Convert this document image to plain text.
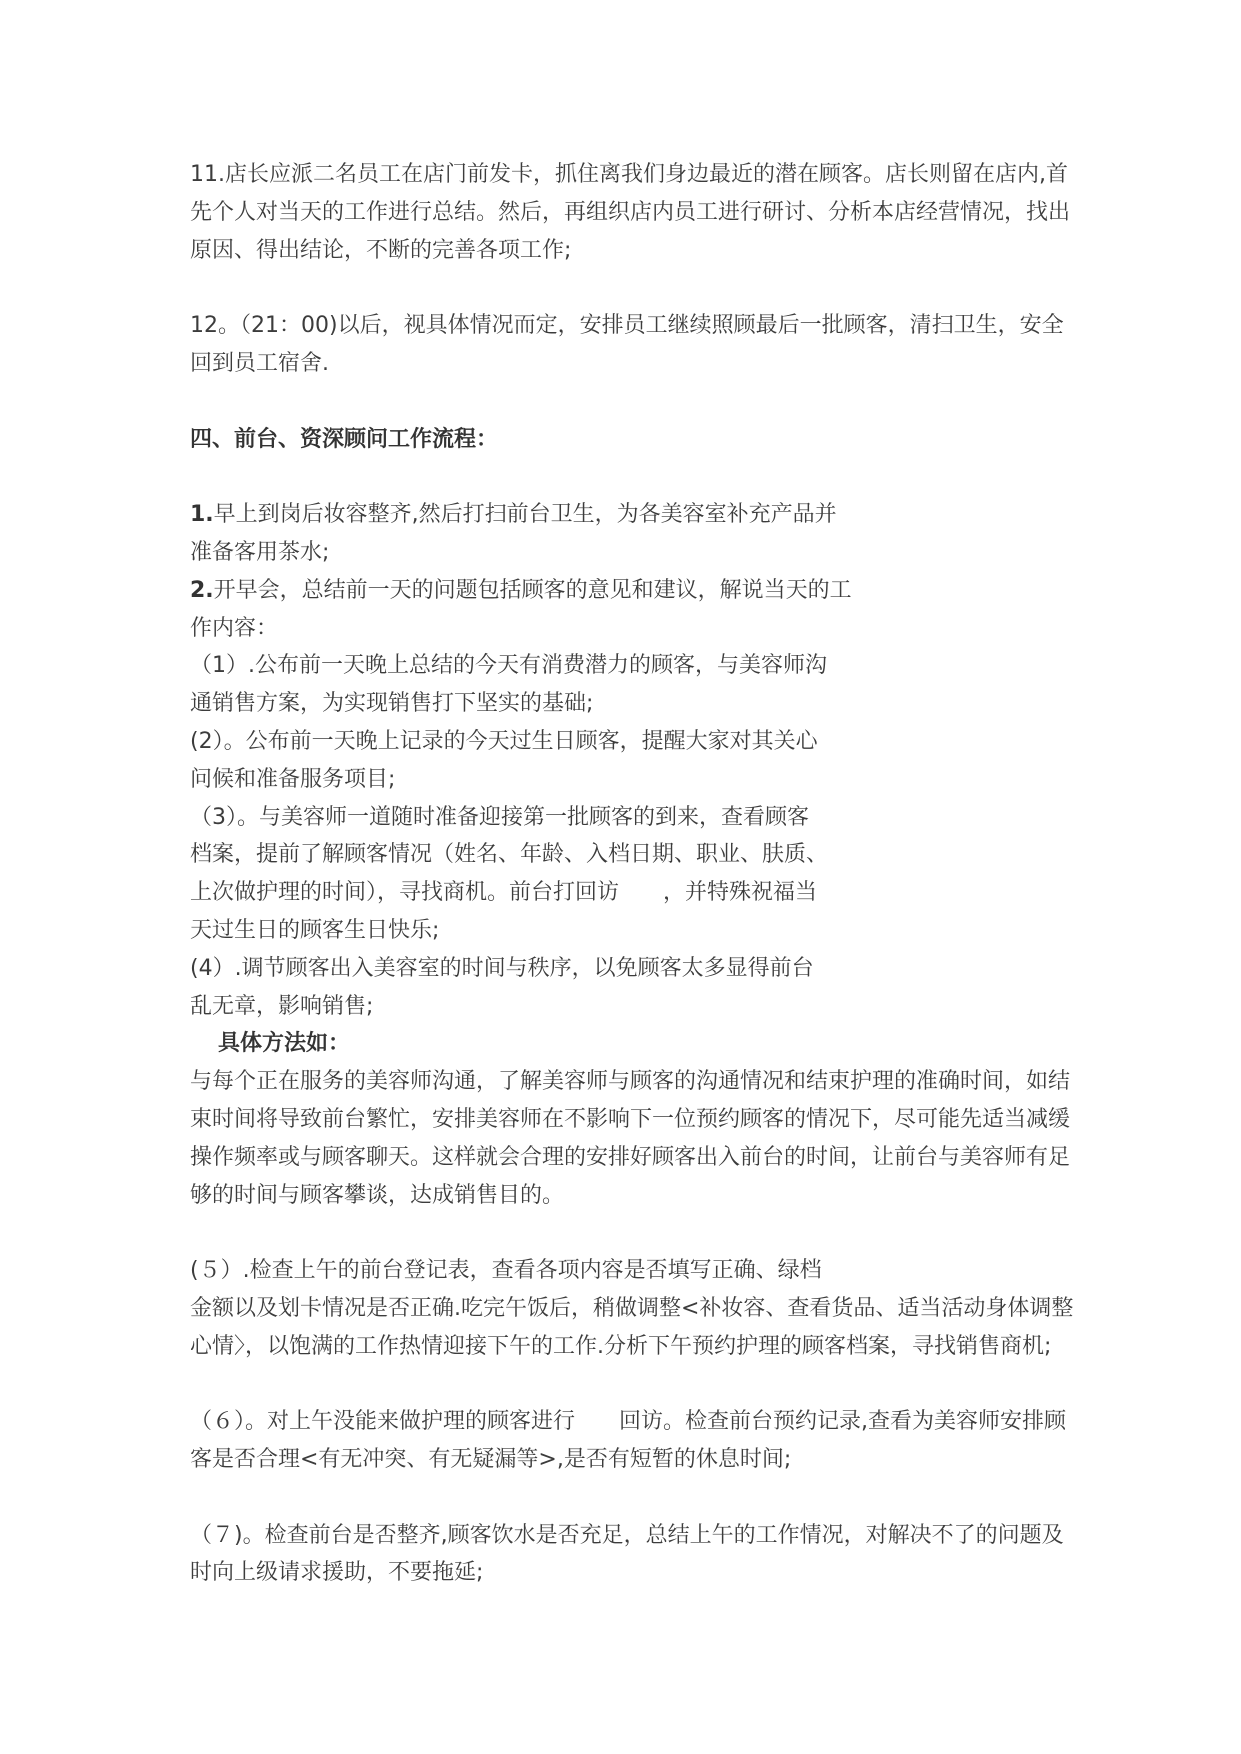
11.店长应派二名员工在店门前发卡，抓住离我们身边最近的潜在顾客。店长则留在店内,首
先个人对当天的工作进行总结。然后，再组织店内员工进行研讨、分析本店经营情况，找出
原因、得出结论，不断的完善各项工作;
12。（21：00)以后，视具体情况而定，安排员工继续照顾最后一批顾客，清扫卫生，安全
回到员工宿舍.
四、前台、资深顾问工作流程：
1.早上到岗后妆容整齐,然后打扫前台卫生，为各美容室补充产品并
准备客用茶水;
2.开早会，总结前一天的问题包括顾客的意见和建议，解说当天的工
作内容：
（1）.公布前一天晚上总结的今天有消费潜力的顾客，与美容师沟
通销售方案，为实现销售打下坚实的基础;
(2）。公布前一天晚上记录的今天过生日顾客，提醒大家对其关心
问候和准备服务项目;
（3）。与美容师一道随时准备迎接第一批顾客的到来，查看顾客
档案，提前了解顾客情况（姓名、年龄、入档日期、职业、肤质、
上次做护理的时间），寻找商机。前台打回访　　，并特殊祝福当
天过生日的顾客生日快乐;
(4）.调节顾客出入美容室的时间与秩序，以免顾客太多显得前台
乱无章，影响销售;
具体方法如：
与每个正在服务的美容师沟通，了解美容师与顾客的沟通情况和结束护理的准确时间，如结
束时间将导致前台繁忙，安排美容师在不影响下一位预约顾客的情况下，尽可能先适当减缓
操作频率或与顾客聊天。这样就会合理的安排好顾客出入前台的时间，让前台与美容师有足
够的时间与顾客攀谈，达成销售目的。
(５）.检查上午的前台登记表，查看各项内容是否填写正确、绿档
金额以及划卡情况是否正确.吃完午饭后，稍做调整<补妆容、查看货品、适当活动身体调整
心情〉，以饱满的工作热情迎接下午的工作.分析下午预约护理的顾客档案，寻找销售商机;
（６）。对上午没能来做护理的顾客进行　　回访。检查前台预约记录,查看为美容师安排顾
客是否合理<有无冲突、有无疑漏等>,是否有短暂的休息时间;
（７)。检查前台是否整齐,顾客饮水是否充足，总结上午的工作情况，对解决不了的问题及
时向上级请求援助，不要拖延;
